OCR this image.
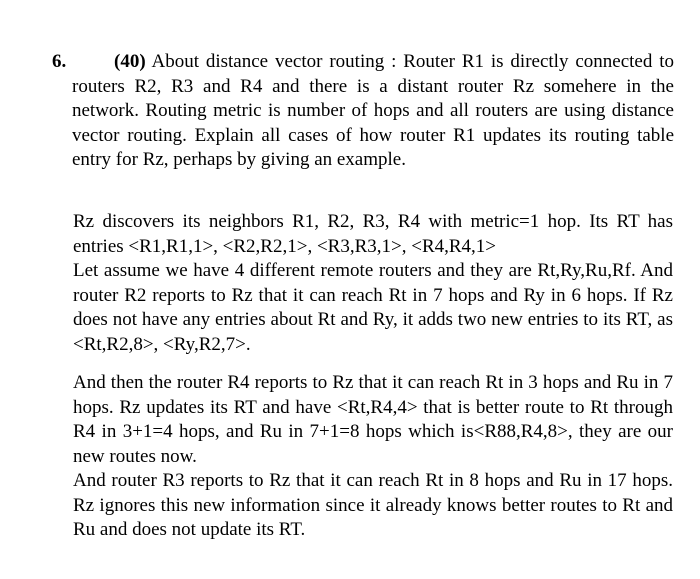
6.	(40) About distance vector routing : Router R1 is directly connected to routers R2, R3 and R4 and there is a distant router Rz somehere in the network. Routing metric is number of hops and all routers are using distance vector routing. Explain all cases of how router R1 updates its routing table entry for Rz, perhaps by giving an example.

Rz discovers its neighbors R1, R2, R3, R4 with metric=1 hop. Its RT has entries <R1,R1,1>, <R2,R2,1>, <R3,R3,1>, <R4,R4,1>

Let assume we have 4 different remote routers and they are Rt,Ry,Ru,Rf. And router R2 reports to Rz that it can reach Rt in 7 hops and Ry in 6 hops. If Rz does not have any entries about Rt and Ry, it adds two new entries to its RT, as <Rt,R2,8>, <Ry,R2,7>.

And then the router R4 reports to Rz that it can reach Rt in 3 hops and Ru in 7 hops. Rz updates its RT and have <Rt,R4,4> that is better route to Rt through R4 in 3+1=4 hops, and Ru in 7+1=8 hops which is<R88,R4,8>, they are our new routes now.

And router R3 reports to Rz that it can reach Rt in 8 hops and Ru in 17 hops. Rz ignores this new information since it already knows better routes to Rt and Ru and does not update its RT.
